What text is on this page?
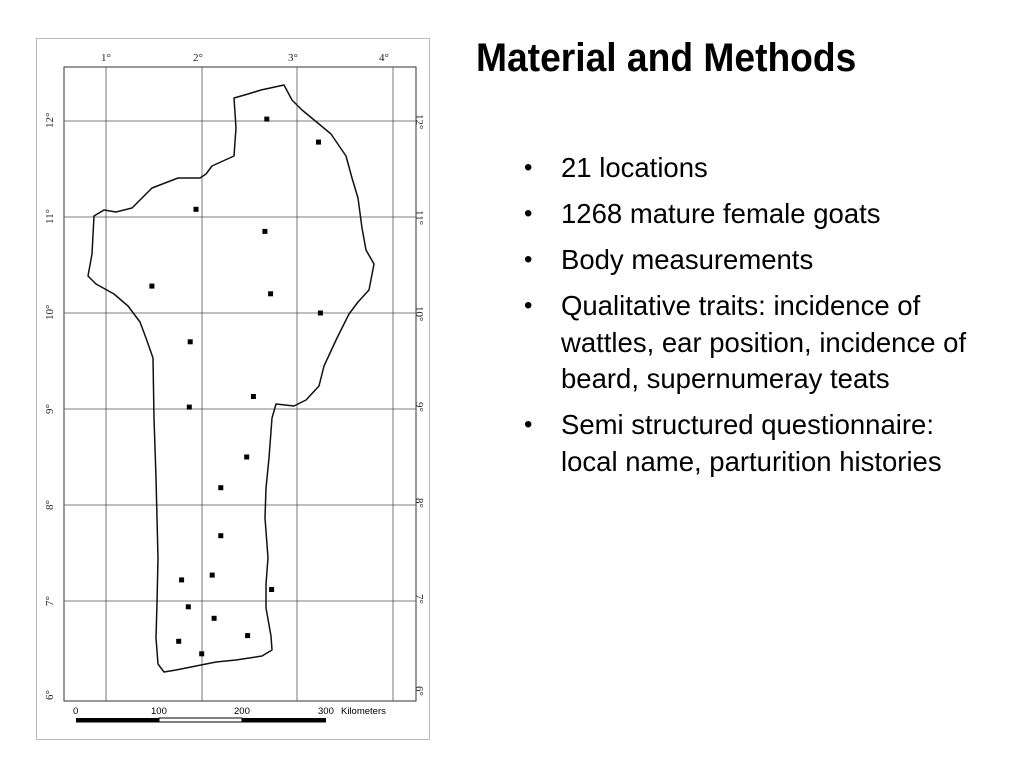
1°	2°	3°	4°
12°
11°
10°
9°
8°
7°
6°
12°
11°
10°
9°
8°
7°
6°
0	100	200	300 Kilometers
Material and Methods
• 21 locations
• 1268 mature female goats
• Body measurements
• Qualitative traits: incidence of wattles, ear position, incidence of beard, supernumeray teats
• Semi structured questionnaire: local name, parturition histories
